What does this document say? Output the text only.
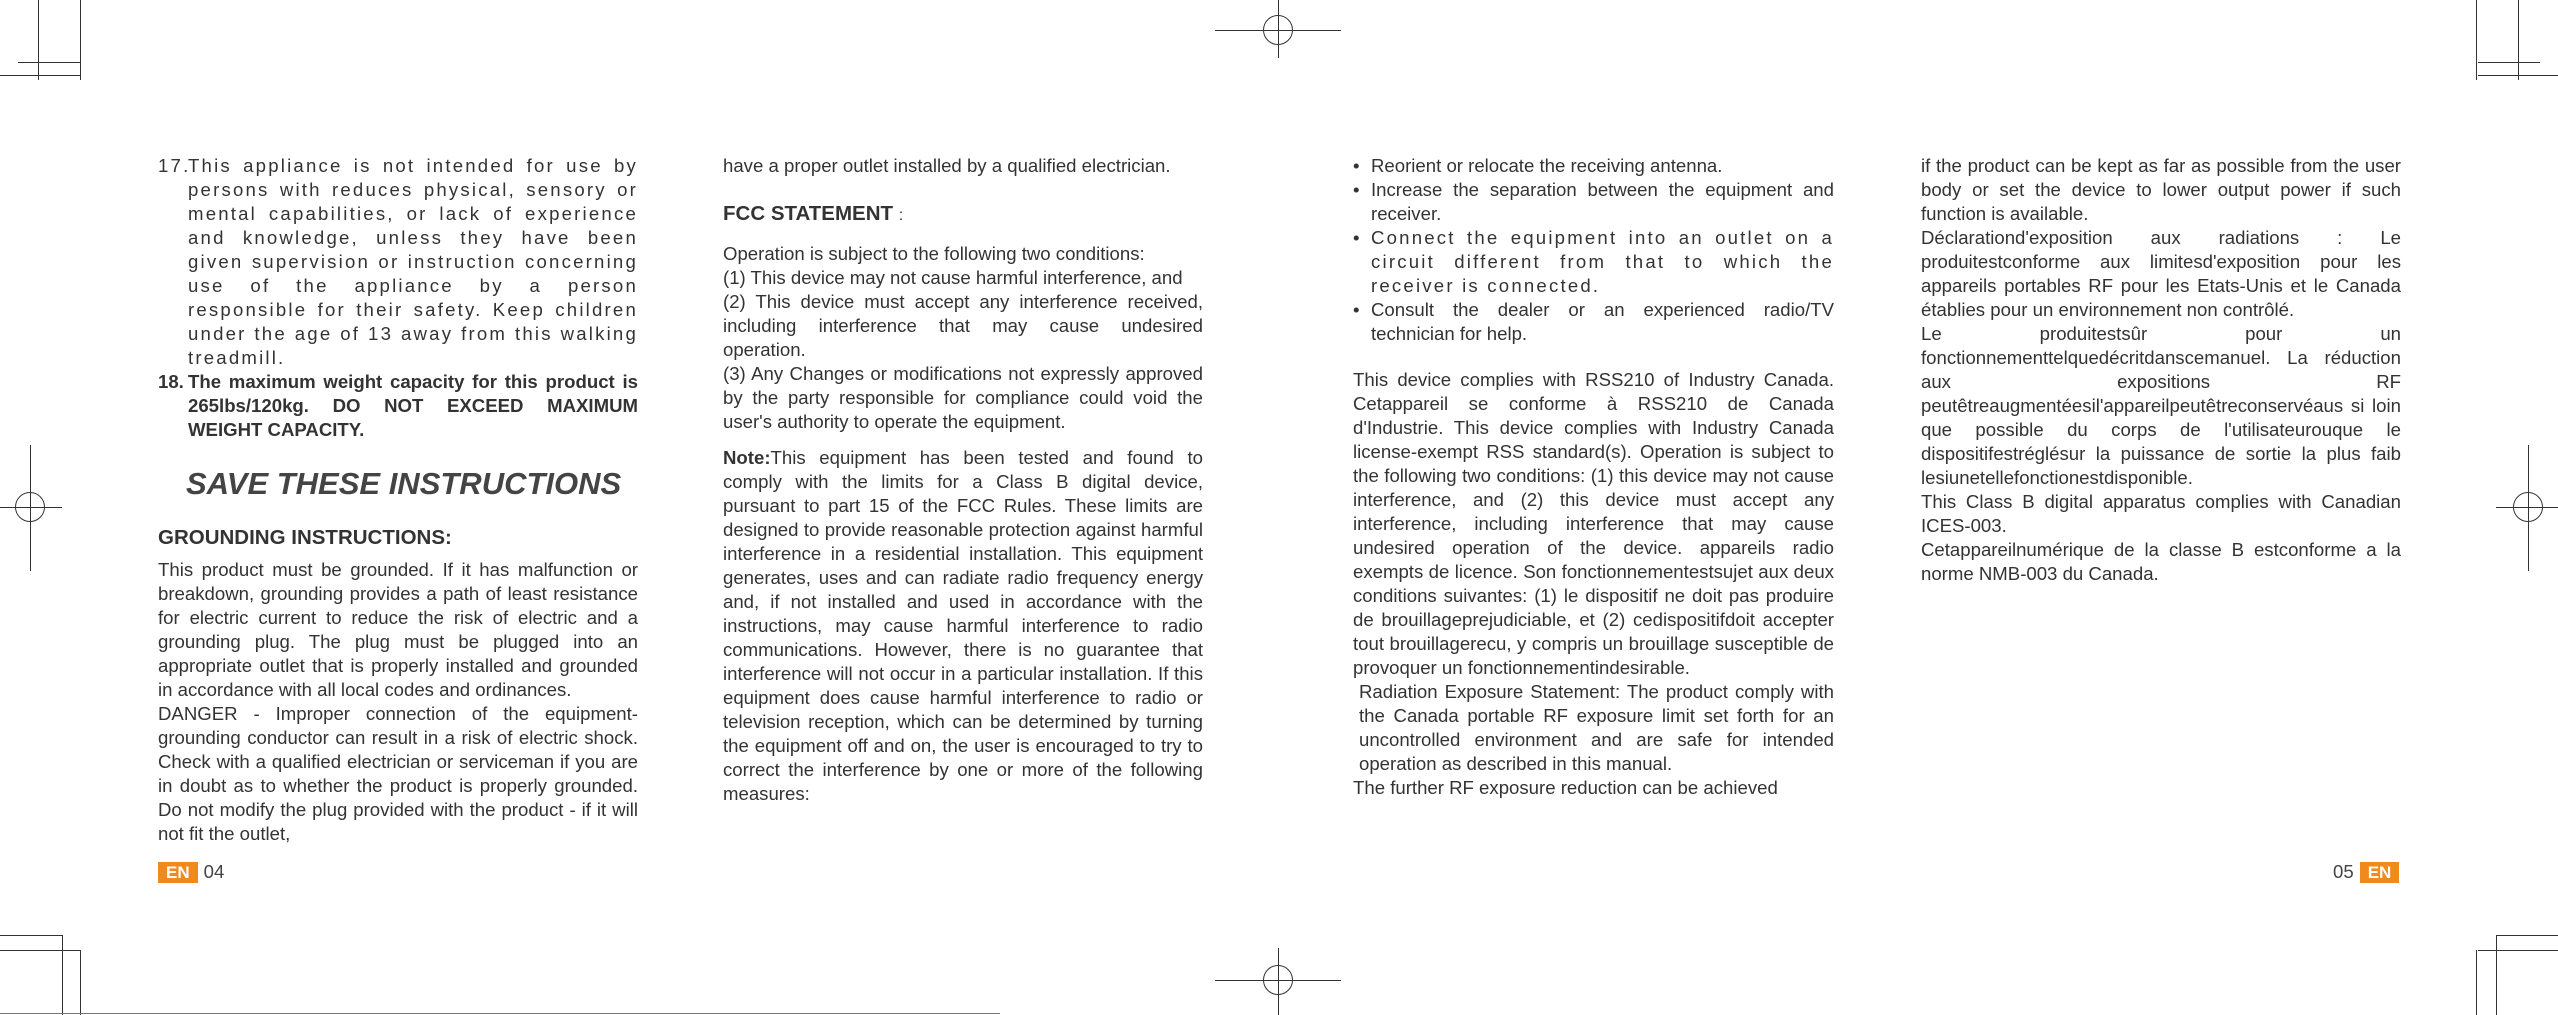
17.

This appliance is not intended for use by persons with reduces physical, sensory or mental capabilities, or lack of experience and knowledge, unless they have been given supervision or instruction concerning use of the appliance by a person responsible for their safety. Keep children under the age of 13 away from this walking treadmill.

18. The maximum weight capacity for this product is 265lbs/120kg. DO NOT EXCEED MAXIMUM WEIGHT CAPACITY.

SAVE THESE INSTRUCTIONS

GROUNDING INSTRUCTIONS:

This product must be grounded. If it has malfunction or breakdown, grounding provides a path of least resistance for electric current to reduce the risk of electric and a grounding plug. The plug must be plugged into an appropriate outlet that is properly installed and grounded in accordance with all local codes and ordinances.

DANGER - Improper connection of the equipment-grounding conductor can result in a risk of electric shock. Check with a qualified electrician or serviceman if you are in doubt as to whether the product is properly grounded. Do not modify the plug provided with the product - if it will not fit the outlet,

have a proper outlet installed by a qualified electrician.

FCC STATEMENT :

Operation is subject to the following two conditions:

(1) This device may not cause harmful interference, and

(2) This device must accept any interference received, including interference that may cause undesired operation.

(3) Any Changes or modifications not expressly approved by the party responsible for compliance could void the user's authority to operate the equipment.

Note:This equipment has been tested and found to comply with the limits for a Class B digital device, pursuant to part 15 of the FCC Rules. These limits are designed to provide reasonable protection against harmful interference in a residential installation. This equipment generates, uses and can radiate radio frequency energy and, if not installed and used in accordance with the instructions, may cause harmful interference to radio communications. However, there is no guarantee that interference will not occur in a particular installation. If this equipment does cause harmful interference to radio or television reception, which can be determined by turning the equipment off and on, the user is encouraged to try to correct the interference by one or more of the following measures:

• Reorient or relocate the receiving antenna.

• Increase the separation between the equipment and receiver.

• Connect the equipment into an outlet on a circuit different from that to which the receiver is connected.

• Consult the dealer or an experienced radio/TV technician for help.

This device complies with RSS210 of Industry Canada. Cetappareil se conforme à RSS210 de Canada d'Industrie. This device complies with Industry Canada license-exempt RSS standard(s). Operation is subject to the following two conditions: (1) this device may not cause interference, and (2) this device must accept any interference, including interference that may cause undesired operation of the device. appareils radio exempts de licence. Son fonctionnementestsujet aux deux conditions suivantes: (1) le dispositif ne doit pas produire de brouillageprejudiciable, et (2) cedispositifdoit accepter tout brouillagerecu, y compris un brouillage susceptible de provoquer un fonctionnementindesirable.

Radiation Exposure Statement: The product comply with the Canada portable RF exposure limit set forth for an uncontrolled environment and are safe for intended operation as described in this manual.

The further RF exposure reduction can be achieved

if the product can be kept as far as possible from the user body or set the device to lower output power if such function is available.

Déclarationd'exposition aux radiations : Le produitestconforme aux limitesd'exposition pour les appareils portables RF pour les Etats-Unis et le Canada établies pour un environnement non contrôlé.

Le produitestsûr pour un fonctionnementtelquedécritdanscemanuel. La réduction aux expositions RF peutêtreaugmentéesil'appareilpeutêtreconservéaus si loin que possible du corps de l'utilisateurouque le dispositifestréglésur la puissance de sortie la plus faib lesiunetellefonctionestdisponible.

This Class B digital apparatus complies with Canadian ICES-003.

Cetappareilnumérique de la classe B estconforme a la norme NMB-003 du Canada.

EN 04	05 EN
